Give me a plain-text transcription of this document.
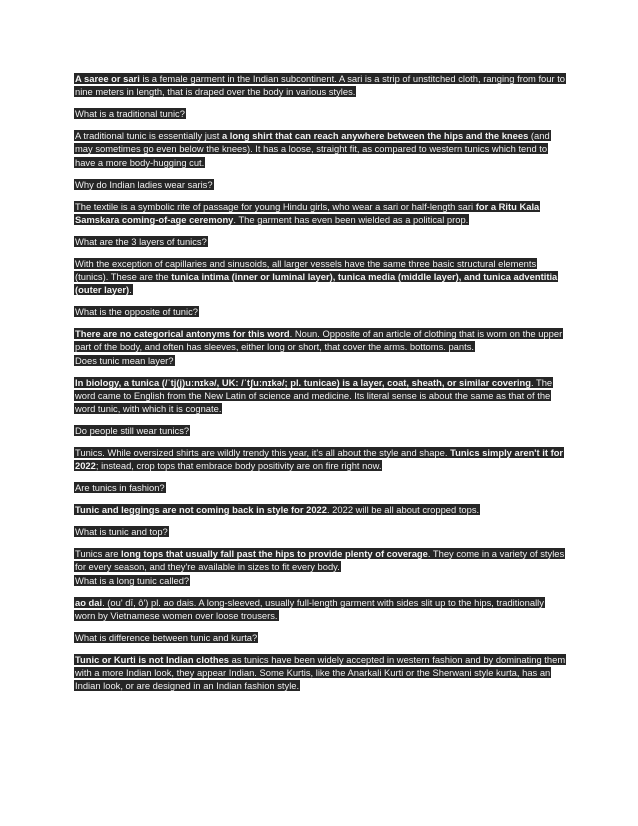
A saree or sari is a female garment in the Indian subcontinent. A sari is a strip of unstitched cloth, ranging from four to nine meters in length, that is draped over the body in various styles.

What is a traditional tunic?

A traditional tunic is essentially just a long shirt that can reach anywhere between the hips and the knees (and may sometimes go even below the knees). It has a loose, straight fit, as compared to western tunics which tend to have a more body-hugging cut.

Why do Indian ladies wear saris?

The textile is a symbolic rite of passage for young Hindu girls, who wear a sari or half-length sari for a Ritu Kala Samskara coming-of-age ceremony. The garment has even been wielded as a political prop.

What are the 3 layers of tunics?

With the exception of capillaries and sinusoids, all larger vessels have the same three basic structural elements (tunics). These are the tunica intima (inner or luminal layer), tunica media (middle layer), and tunica adventitia (outer layer).

What is the opposite of tunic?

There are no categorical antonyms for this word. Noun. Opposite of an article of clothing that is worn on the upper part of the body, and often has sleeves, either long or short, that cover the arms. bottoms. pants.
Does tunic mean layer?

In biology, a tunica (/ˈtj(j)uːnɪkə/, UK: /ˈtʃuːnɪkə/; pl. tunicae) is a layer, coat, sheath, or similar covering. The word came to English from the New Latin of science and medicine. Its literal sense is about the same as that of the word tunic, with which it is cognate.

Do people still wear tunics?

Tunics. While oversized shirts are wildly trendy this year, it's all about the style and shape. Tunics simply aren't it for 2022; instead, crop tops that embrace body positivity are on fire right now.

Are tunics in fashion?

Tunic and leggings are not coming back in style for 2022. 2022 will be all about cropped tops.

What is tunic and top?

Tunics are long tops that usually fall past the hips to provide plenty of coverage. They come in a variety of styles for every season, and they're available in sizes to fit every body.
What is a long tunic called?

ao dai. (ou' dī, ô') pl. ao dais. A long-sleeved, usually full-length garment with sides slit up to the hips, traditionally worn by Vietnamese women over loose trousers.

What is difference between tunic and kurta?

Tunic or Kurti is not Indian clothes as tunics have been widely accepted in western fashion and by dominating them with a more Indian look, they appear Indian. Some Kurtis, like the Anarkali Kurti or the Sherwani style kurta, has an Indian look, or are designed in an Indian fashion style.
